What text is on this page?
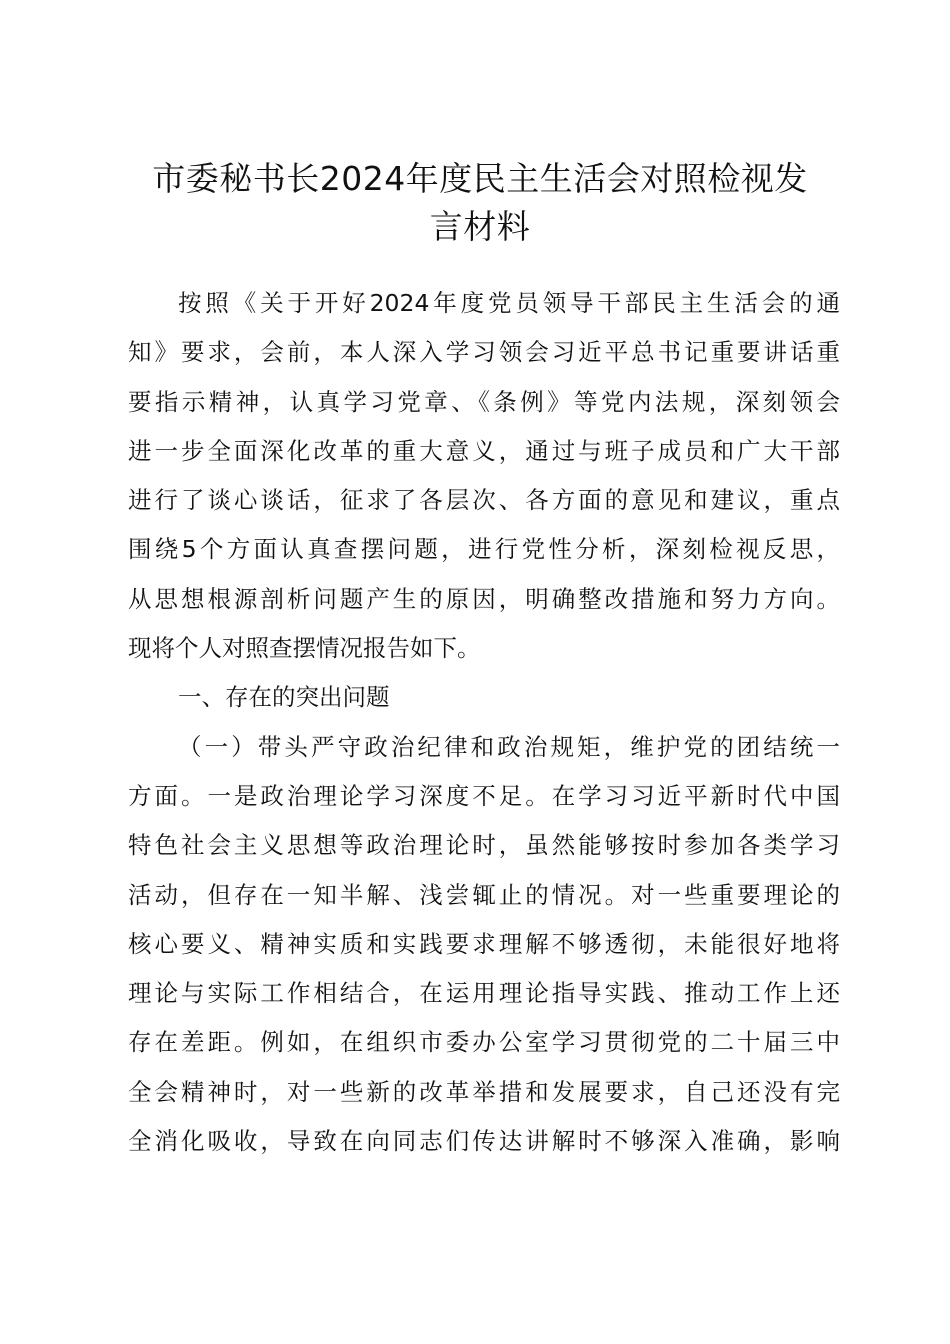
市委秘书长2024年度民主生活会对照检视发
言材料
按照《关于开好2024年度党员领导干部民主生活会的通
知》要求，会前，本人深入学习领会习近平总书记重要讲话重
要指示精神，认真学习党章、《条例》等党内法规，深刻领会
进一步全面深化改革的重大意义，通过与班子成员和广大干部
进行了谈心谈话，征求了各层次、各方面的意见和建议，重点
围绕5个方面认真查摆问题，进行党性分析，深刻检视反思，
从思想根源剖析问题产生的原因，明确整改措施和努力方向。
现将个人对照查摆情况报告如下。
一、存在的突出问题
（一）带头严守政治纪律和政治规矩，维护党的团结统一
方面。一是政治理论学习深度不足。在学习习近平新时代中国
特色社会主义思想等政治理论时，虽然能够按时参加各类学习
活动，但存在一知半解、浅尝辄止的情况。对一些重要理论的
核心要义、精神实质和实践要求理解不够透彻，未能很好地将
理论与实际工作相结合，在运用理论指导实践、推动工作上还
存在差距。例如，在组织市委办公室学习贯彻党的二十届三中
全会精神时，对一些新的改革举措和发展要求，自己还没有完
全消化吸收，导致在向同志们传达讲解时不够深入准确，影响
